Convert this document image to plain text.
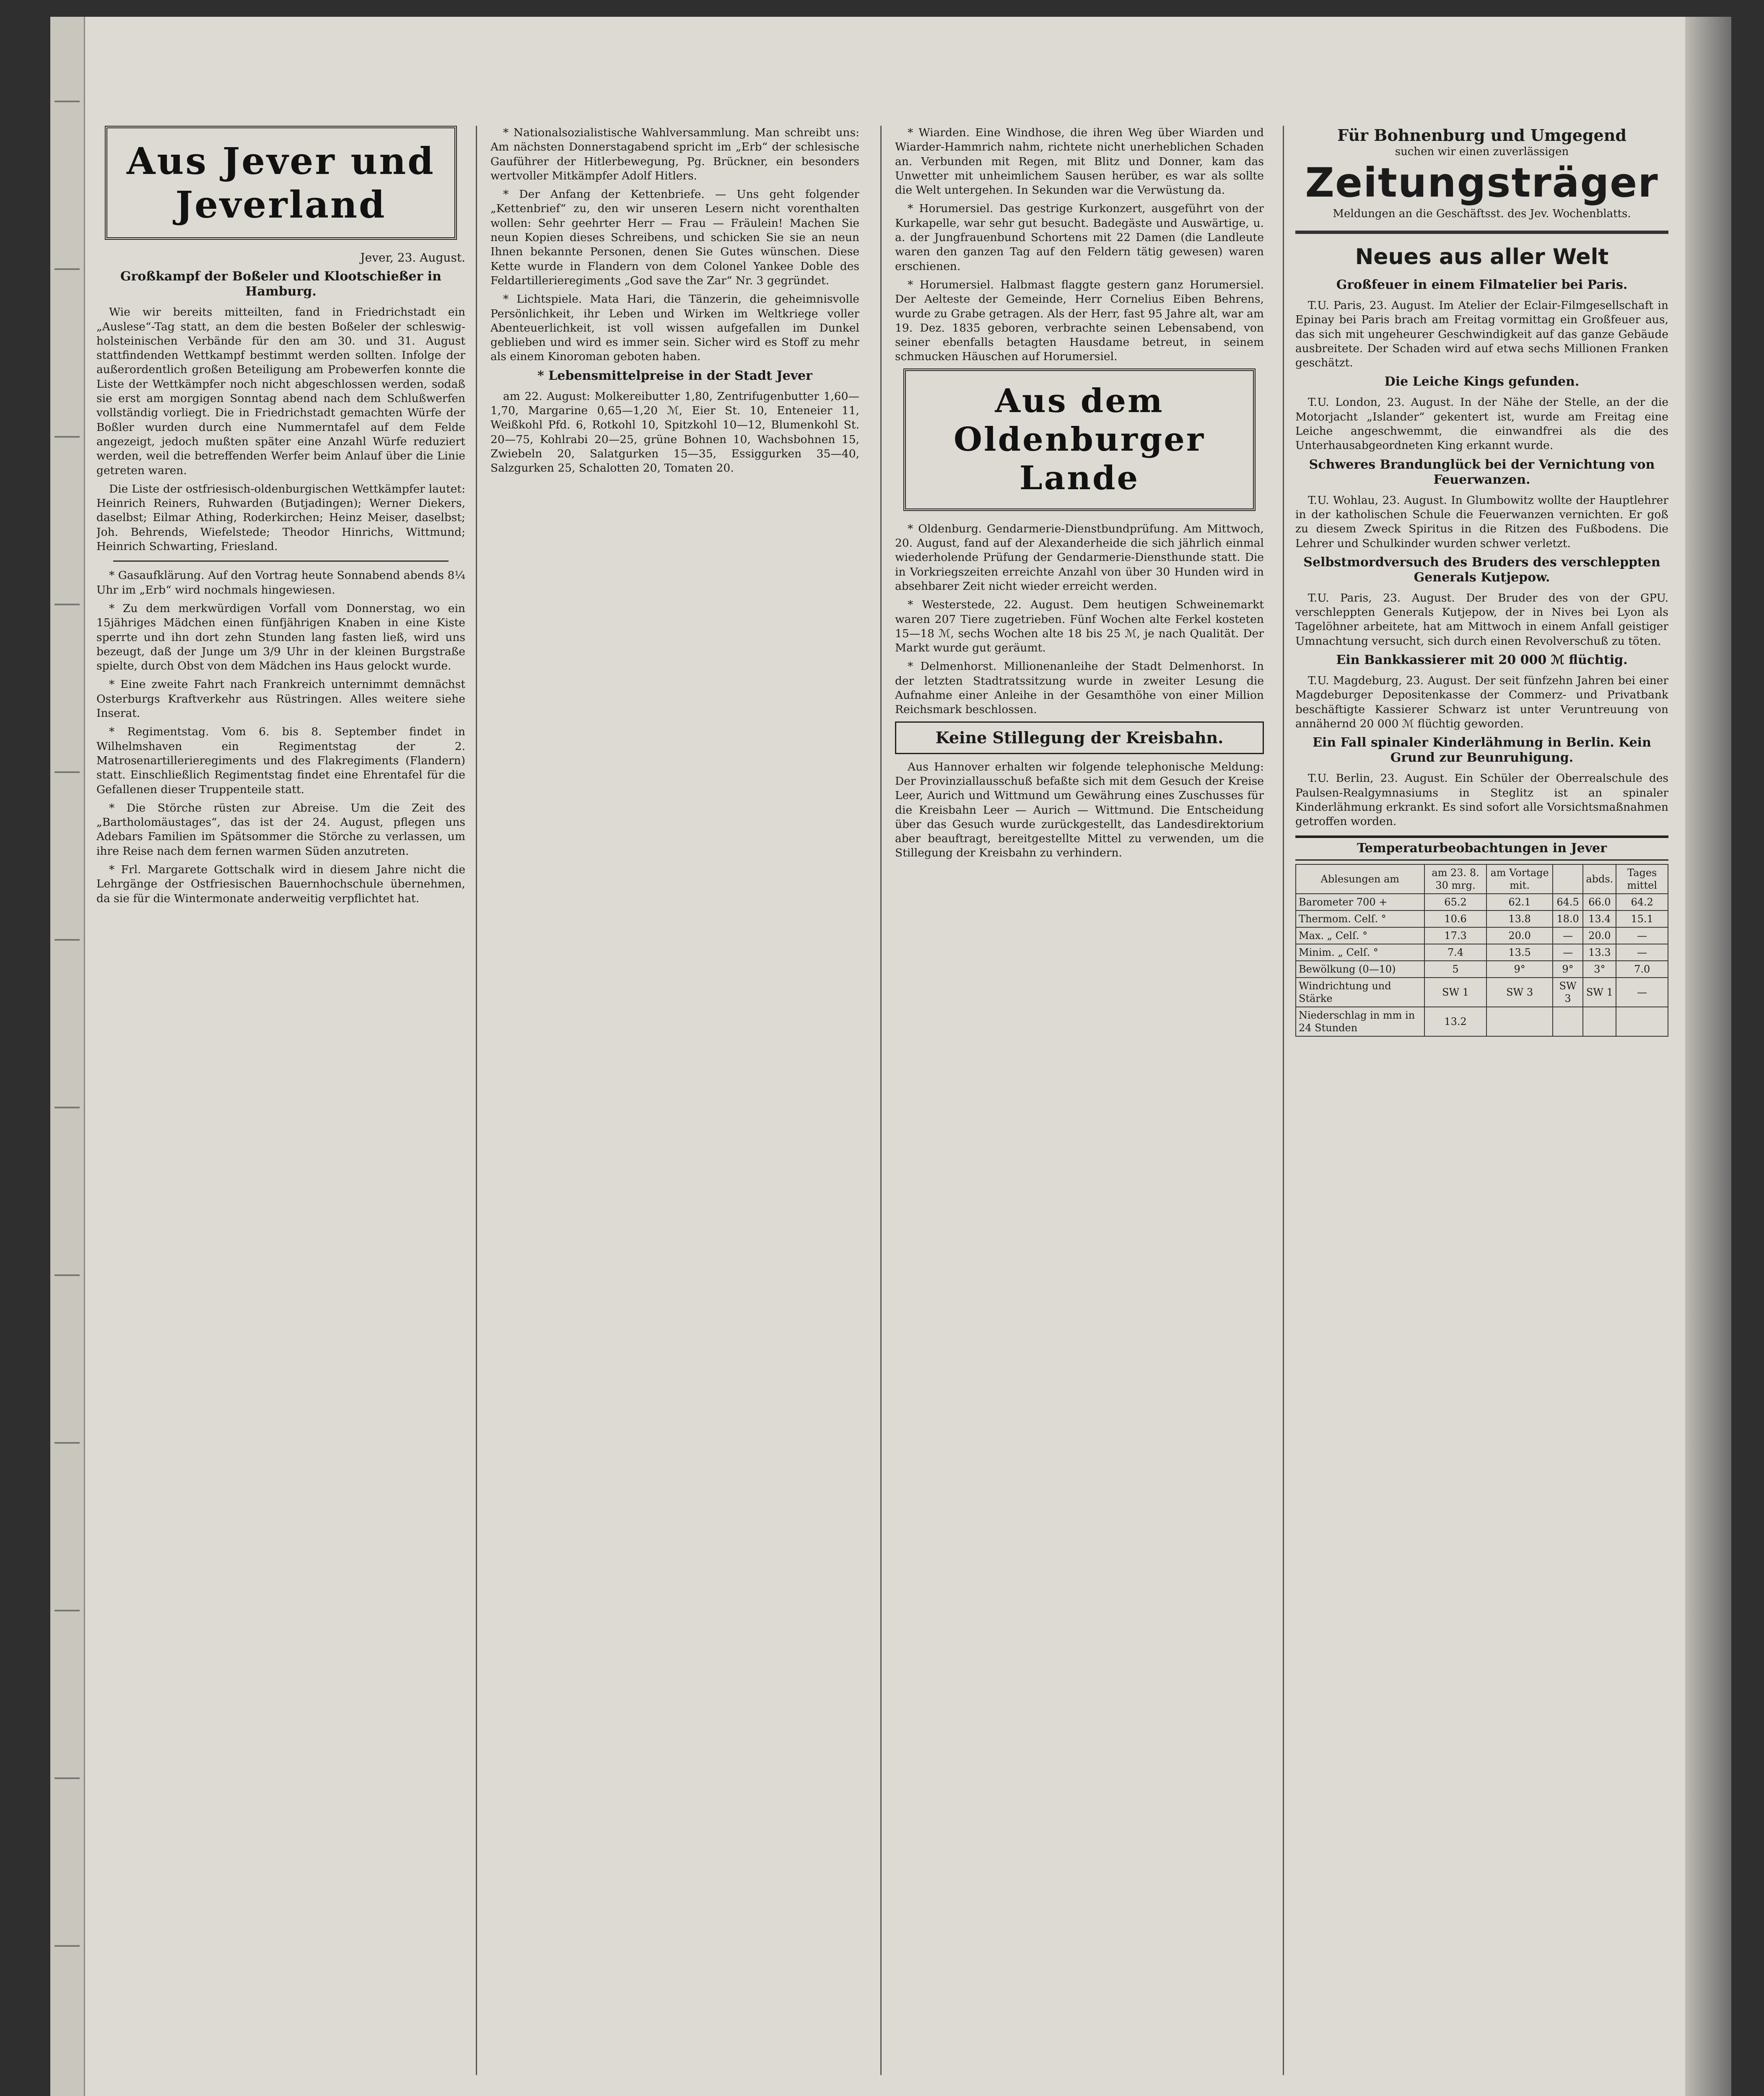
Aus Jever und Jeverland
Jever, 23. August.
Großkampf der Boßeler und Klootschießer in Hamburg.

Wie wir bereits mitteilten, fand in Friedrichstadt ein „Auslese“-Tag statt, an dem die besten Boßeler der schleswig-holsteinischen Verbände für den am 30. und 31. August stattfindenden Wettkampf bestimmt werden sollten. Infolge der außerordentlich großen Beteiligung am Probewerfen konnte die Liste der Wettkämpfer noch nicht abgeschlossen werden, sodaß sie erst am morgigen Sonntag abend nach dem Schlußwerfen vollständig vorliegt. Die in Friedrichstadt gemachten Würfe der Boßler wurden durch eine Nummerntafel auf dem Felde angezeigt, jedoch mußten später eine Anzahl Würfe reduziert werden, weil die betreffenden Werfer beim Anlauf über die Linie getreten waren.

Die Liste der ostfriesisch-oldenburgischen Wettkämpfer lautet: Heinrich Reiners, Ruhwarden (Butjadingen); Werner Diekers, daselbst; Eilmar Athing, Roderkirchen; Heinz Meiser, daselbst; Joh. Behrends, Wiefelstede; Theodor Hinrichs, Wittmund; Heinrich Schwarting, Friesland.

* Gasaufklärung. Auf den Vortrag heute Sonnabend abends 8¼ Uhr im „Erb“ wird nochmals hingewiesen.

* Zu dem merkwürdigen Vorfall vom Donnerstag, wo ein 15jähriges Mädchen einen fünfjährigen Knaben in eine Kiste sperrte und ihn dort zehn Stunden lang fasten ließ, wird uns bezeugt, daß der Junge um 3/9 Uhr in der kleinen Burgstraße spielte, durch Obst von dem Mädchen ins Haus gelockt wurde.

* Eine zweite Fahrt nach Frankreich unternimmt demnächst Osterburgs Kraftverkehr aus Rüstringen. Alles weitere siehe Inserat.

* Regimentstag. Vom 6. bis 8. September findet in Wilhelmshaven ein Regimentstag der 2. Matrosenartillerieregiments und des Flakregiments (Flandern) statt. Einschließlich Regimentstag findet eine Ehrentafel für die Gefallenen dieser Truppenteile statt.

* Die Störche rüsten zur Abreise. Um die Zeit des „Bartholomäustages“, das ist der 24. August, pflegen uns Adebars Familien im Spätsommer die Störche zu verlassen, um ihre Reise nach dem fernen warmen Süden anzutreten.

* Frl. Margarete Gottschalk wird in diesem Jahre nicht die Lehrgänge der Ostfriesischen Bauernhochschule übernehmen, da sie für die Wintermonate anderweitig verpflichtet hat.

* Nationalsozialistische Wahlversammlung. Man schreibt uns: Am nächsten Donnerstagabend spricht im „Erb“ der schlesische Gauführer der Hitlerbewegung, Pg. Brückner, ein besonders wertvoller Mitkämpfer Adolf Hitlers.

* Der Anfang der Kettenbriefe. — Uns geht folgender „Kettenbrief“ zu, den wir unseren Lesern nicht vorenthalten wollen: Sehr geehrter Herr — Frau — Fräulein! Machen Sie neun Kopien dieses Schreibens, und schicken Sie sie an neun Ihnen bekannte Personen, denen Sie Gutes wünschen. Diese Kette wurde in Flandern von dem Colonel Yankee Doble des Feldartillerieregiments „God save the Zar“ Nr. 3 gegründet.

* Lichtspiele. Mata Hari, die Tänzerin, die geheimnisvolle Persönlichkeit, ihr Leben und Wirken im Weltkriege voller Abenteuerlichkeit, ist voll wissen aufgefallen im Dunkel geblieben und wird es immer sein. Sicher wird es Stoff zu mehr als einem Kinoroman geboten haben.

* Lebensmittelpreise in der Stadt Jever

am 22. August: Molkereibutter 1,80, Zentrifugenbutter 1,60—1,70, Margarine 0,65—1,20 ℳ, Eier St. 10, Enteneier 11, Weißkohl Pfd. 6, Rotkohl 10, Spitzkohl 10—12, Blumenkohl St. 20—75, Kohlrabi 20—25, grüne Bohnen 10, Wachsbohnen 15, Zwiebeln 20, Salatgurken 15—35, Essiggurken 35—40, Salzgurken 25, Schalotten 20, Tomaten 20.

* Wiarden. Eine Windhose, die ihren Weg über Wiarden und Wiarder-Hammrich nahm, richtete nicht unerheblichen Schaden an. Verbunden mit Regen, mit Blitz und Donner, kam das Unwetter mit unheimlichem Sausen herüber, es war als sollte die Welt untergehen. In Sekunden war die Verwüstung da.

* Horumersiel. Das gestrige Kurkonzert, ausgeführt von der Kurkapelle, war sehr gut besucht. Badegäste und Auswärtige, u. a. der Jungfrauenbund Schortens mit 22 Damen (die Landleute waren den ganzen Tag auf den Feldern tätig gewesen) waren erschienen.

* Horumersiel. Halbmast flaggte gestern ganz Horumersiel. Der Aelteste der Gemeinde, Herr Cornelius Eiben Behrens, wurde zu Grabe getragen. Als der Herr, fast 95 Jahre alt, war am 19. Dez. 1835 geboren, verbrachte seinen Lebensabend, von seiner ebenfalls betagten Hausdame betreut, in seinem schmucken Häuschen auf Horumersiel.

Aus dem Oldenburger Lande

* Oldenburg. Gendarmerie-Dienstbundprüfung. Am Mittwoch, 20. August, fand auf der Alexanderheide die sich jährlich einmal wiederholende Prüfung der Gendarmerie-Diensthunde statt. Die in Vorkriegszeiten erreichte Anzahl von über 30 Hunden wird in absehbarer Zeit nicht wieder erreicht werden.

* Westerstede, 22. August. Dem heutigen Schweinemarkt waren 207 Tiere zugetrieben. Fünf Wochen alte Ferkel kosteten 15—18 ℳ, sechs Wochen alte 18 bis 25 ℳ, je nach Qualität. Der Markt wurde gut geräumt.

* Delmenhorst. Millionenanleihe der Stadt Delmenhorst. In der letzten Stadtratssitzung wurde in zweiter Lesung die Aufnahme einer Anleihe in der Gesamthöhe von einer Million Reichsmark beschlossen.

Keine Stillegung der Kreisbahn.

Aus Hannover erhalten wir folgende telephonische Meldung: Der Provinziallausschuß befaßte sich mit dem Gesuch der Kreise Leer, Aurich und Wittmund um Gewährung eines Zuschusses für die Kreisbahn Leer — Aurich — Wittmund. Die Entscheidung über das Gesuch wurde zurückgestellt, das Landesdirektorium aber beauftragt, bereitgestellte Mittel zu verwenden, um die Stillegung der Kreisbahn zu verhindern.

Für Bohnenburg und Umgegend
suchen wir einen zuverlässigen
Zeitungsträger
Meldungen an die Geschäftsst. des Jev. Wochenblatts.
Neues aus aller Welt
Großfeuer in einem Filmatelier bei Paris.

T.U. Paris, 23. August. Im Atelier der Eclair-Filmgesellschaft in Epinay bei Paris brach am Freitag vormittag ein Großfeuer aus, das sich mit ungeheurer Geschwindigkeit auf das ganze Gebäude ausbreitete. Der Schaden wird auf etwa sechs Millionen Franken geschätzt.

Die Leiche Kings gefunden.

T.U. London, 23. August. In der Nähe der Stelle, an der die Motorjacht „Islander“ gekentert ist, wurde am Freitag eine Leiche angeschwemmt, die einwandfrei als die des Unterhausabgeordneten King erkannt wurde.

Schweres Brandunglück bei der Vernichtung von Feuerwanzen.

T.U. Wohlau, 23. August. In Glumbowitz wollte der Hauptlehrer in der katholischen Schule die Feuerwanzen vernichten. Er goß zu diesem Zweck Spiritus in die Ritzen des Fußbodens. Die Lehrer und Schulkinder wurden schwer verletzt.

Selbstmordversuch des Bruders des verschleppten Generals Kutjepow.

T.U. Paris, 23. August. Der Bruder des von der GPU. verschleppten Generals Kutjepow, der in Nives bei Lyon als Tagelöhner arbeitete, hat am Mittwoch in einem Anfall geistiger Umnachtung versucht, sich durch einen Revolverschuß zu töten.

Ein Bankkassierer mit 20 000 ℳ flüchtig.

T.U. Magdeburg, 23. August. Der seit fünfzehn Jahren bei einer Magdeburger Depositenkasse der Commerz- und Privatbank beschäftigte Kassierer Schwarz ist unter Veruntreuung von annähernd 20 000 ℳ flüchtig geworden.

Ein Fall spinaler Kinderlähmung in Berlin. Kein Grund zur Beunruhigung.

T.U. Berlin, 23. August. Ein Schüler der Oberrealschule des Paulsen-Realgymnasiums in Steglitz ist an spinaler Kinderlähmung erkrankt. Es sind sofort alle Vorsichtsmaßnahmen getroffen worden.

Temperaturbeobachtungen in Jever
Ablesungen am	am 23. 8. 30 mrg.	am Vortage mit.		abds.	Tages mittel
Barometer 700 +	65.2	62.1	64.5	66.0	64.2
Thermom. Celſ. °	10.6	13.8	18.0	13.4	15.1
Max. „ Celſ. °	17.3	20.0	—	20.0	—
Minim. „ Celſ. °	7.4	13.5	—	13.3	—
Bewölkung (0—10)	5	9°	9°	3°	7.0
Windrichtung und Stärke	SW 1	SW 3	SW 3	SW 1	—
Niederschlag in mm in 24 Stunden	13.2				
